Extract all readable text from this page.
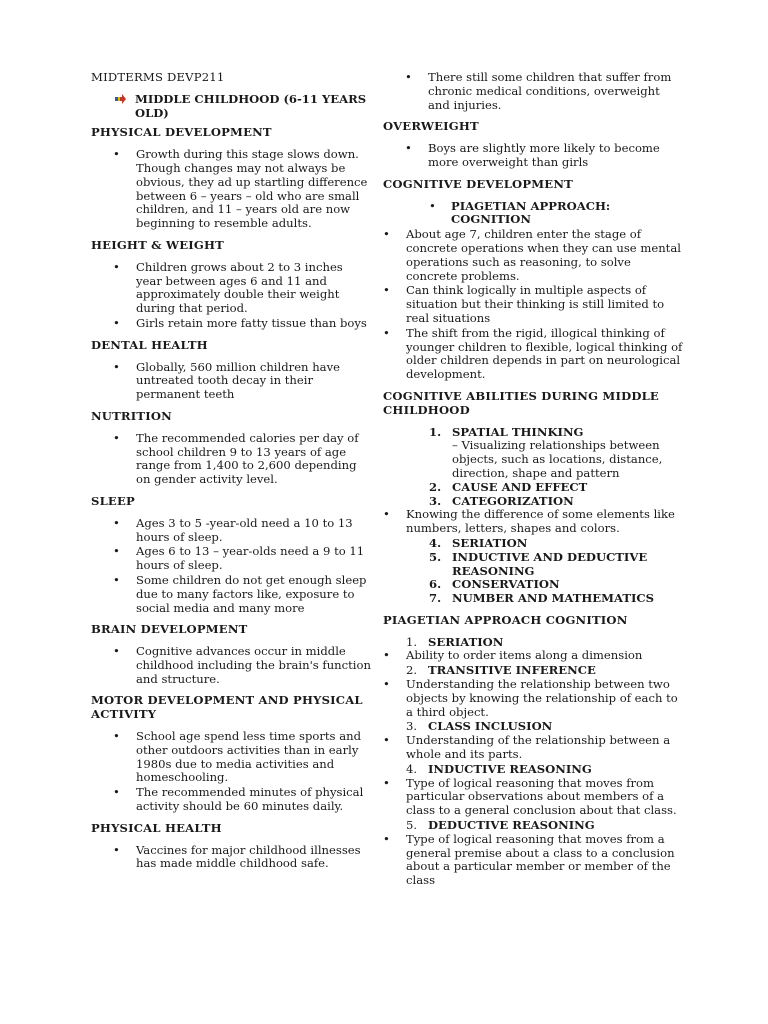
MIDTERMS DEVP211
MIDDLE CHILDHOOD (6-11 YEARS OLD)
PHYSICAL DEVELOPMENT
• Growth during this stage slows down. Though changes may not always be obvious, they ad up startling difference between 6 – years – old who are small children, and 11 – years old are now beginning to resemble adults.
HEIGHT & WEIGHT
• Children grows about 2 to 3 inches year between ages 6 and 11 and approximately double their weight during that period.
• Girls retain more fatty tissue than boys
DENTAL HEALTH
• Globally, 560 million children have untreated tooth decay in their permanent teeth
NUTRITION
• The recommended calories per day of school children 9 to 13 years of age range from 1,400 to 2,600 depending on gender activity level.
SLEEP
• Ages 3 to 5 -year-old need a 10 to 13 hours of sleep.
• Ages 6 to 13 – year-olds need a 9 to 11 hours of sleep.
• Some children do not get enough sleep due to many factors like, exposure to social media and many more
BRAIN DEVELOPMENT
• Cognitive advances occur in middle childhood including the brain's function and structure.
MOTOR DEVELOPMENT AND PHYSICAL ACTIVITY
• School age spend less time sports and other outdoors activities than in early 1980s due to media activities and homeschooling.
• The recommended minutes of physical activity should be 60 minutes daily.
PHYSICAL HEALTH
• Vaccines for major childhood illnesses has made middle childhood safe.
• There still some children that suffer from chronic medical conditions, overweight and injuries.
OVERWEIGHT
• Boys are slightly more likely to become more overweight than girls
COGNITIVE DEVELOPMENT
• PIAGETIAN APPROACH: COGNITION
• About age 7, children enter the stage of concrete operations when they can use mental operations such as reasoning, to solve concrete problems.
• Can think logically in multiple aspects of situation but their thinking is still limited to real situations
• The shift from the rigid, illogical thinking of younger children to flexible, logical thinking of older children depends in part on neurological development.
COGNITIVE ABILITIES DURING MIDDLE CHILDHOOD
1. SPATIAL THINKING
– Visualizing relationships between objects, such as locations, distance, direction, shape and pattern
2. CAUSE AND EFFECT
3. CATEGORIZATION
• Knowing the difference of some elements like numbers, letters, shapes and colors.
4. SERIATION
5. INDUCTIVE AND DEDUCTIVE REASONING
6. CONSERVATION
7. NUMBER AND MATHEMATICS
PIAGETIAN APPROACH COGNITION
1. SERIATION
• Ability to order items along a dimension
2. TRANSITIVE INFERENCE
• Understanding the relationship between two objects by knowing the relationship of each to a third object.
3. CLASS INCLUSION
• Understanding of the relationship between a whole and its parts.
4. INDUCTIVE REASONING
• Type of logical reasoning that moves from particular observations about members of a class to a general conclusion about that class.
5. DEDUCTIVE REASONING
• Type of logical reasoning that moves from a general premise about a class to a conclusion about a particular member or member of the class
